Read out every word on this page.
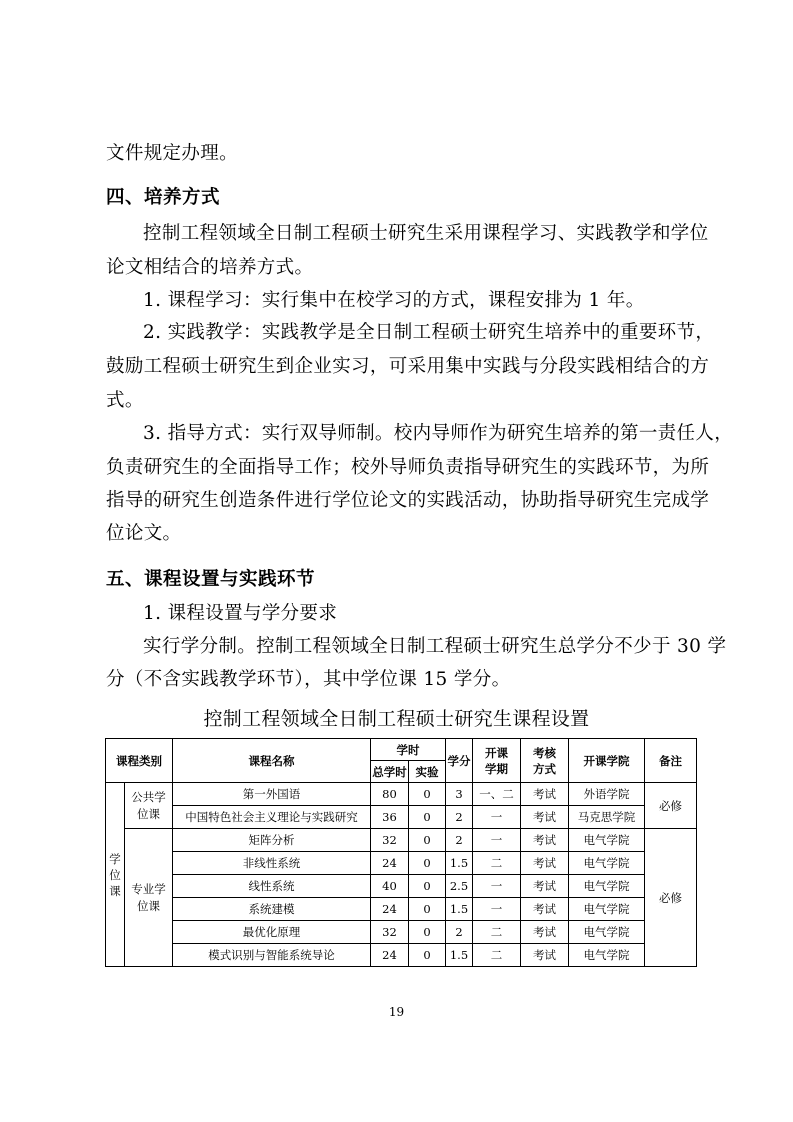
文件规定办理。
四、培养方式
控制工程领域全日制工程硕士研究生采用课程学习、实践教学和学位
论文相结合的培养方式。
1. 课程学习：实行集中在校学习的方式，课程安排为 1 年。
2. 实践教学：实践教学是全日制工程硕士研究生培养中的重要环节，
鼓励工程硕士研究生到企业实习，可采用集中实践与分段实践相结合的方
式。
3. 指导方式：实行双导师制。校内导师作为研究生培养的第一责任人，
负责研究生的全面指导工作；校外导师负责指导研究生的实践环节，为所
指导的研究生创造条件进行学位论文的实践活动，协助指导研究生完成学
位论文。
五、课程设置与实践环节
1. 课程设置与学分要求
实行学分制。控制工程领域全日制工程硕士研究生总学分不少于 30 学
分（不含实践教学环节），其中学位课 15 学分。
控制工程领域全日制工程硕士研究生课程设置
课程类别		课程名称	学时		学分	开课学期	考核方式	开课学院	备注
			总学时	实验					

学位课	公共学位课	第一外国语	80	0	3	一、二	考试	外语学院	必修
		中国特色社会主义理论与实践研究	36	0	2	一	考试	马克思学院	

	专业学位课	矩阵分析	32	0	2	一	考试	电气学院	必修
		非线性系统	24	0	1.5	二	考试	电气学院	
		线性系统	40	0	2.5	一	考试	电气学院	
		系统建模	24	0	1.5	一	考试	电气学院	
		最优化原理	32	0	2	二	考试	电气学院	
		模式识别与智能系统导论	24	0	1.5	二	考试	电气学院	
19
